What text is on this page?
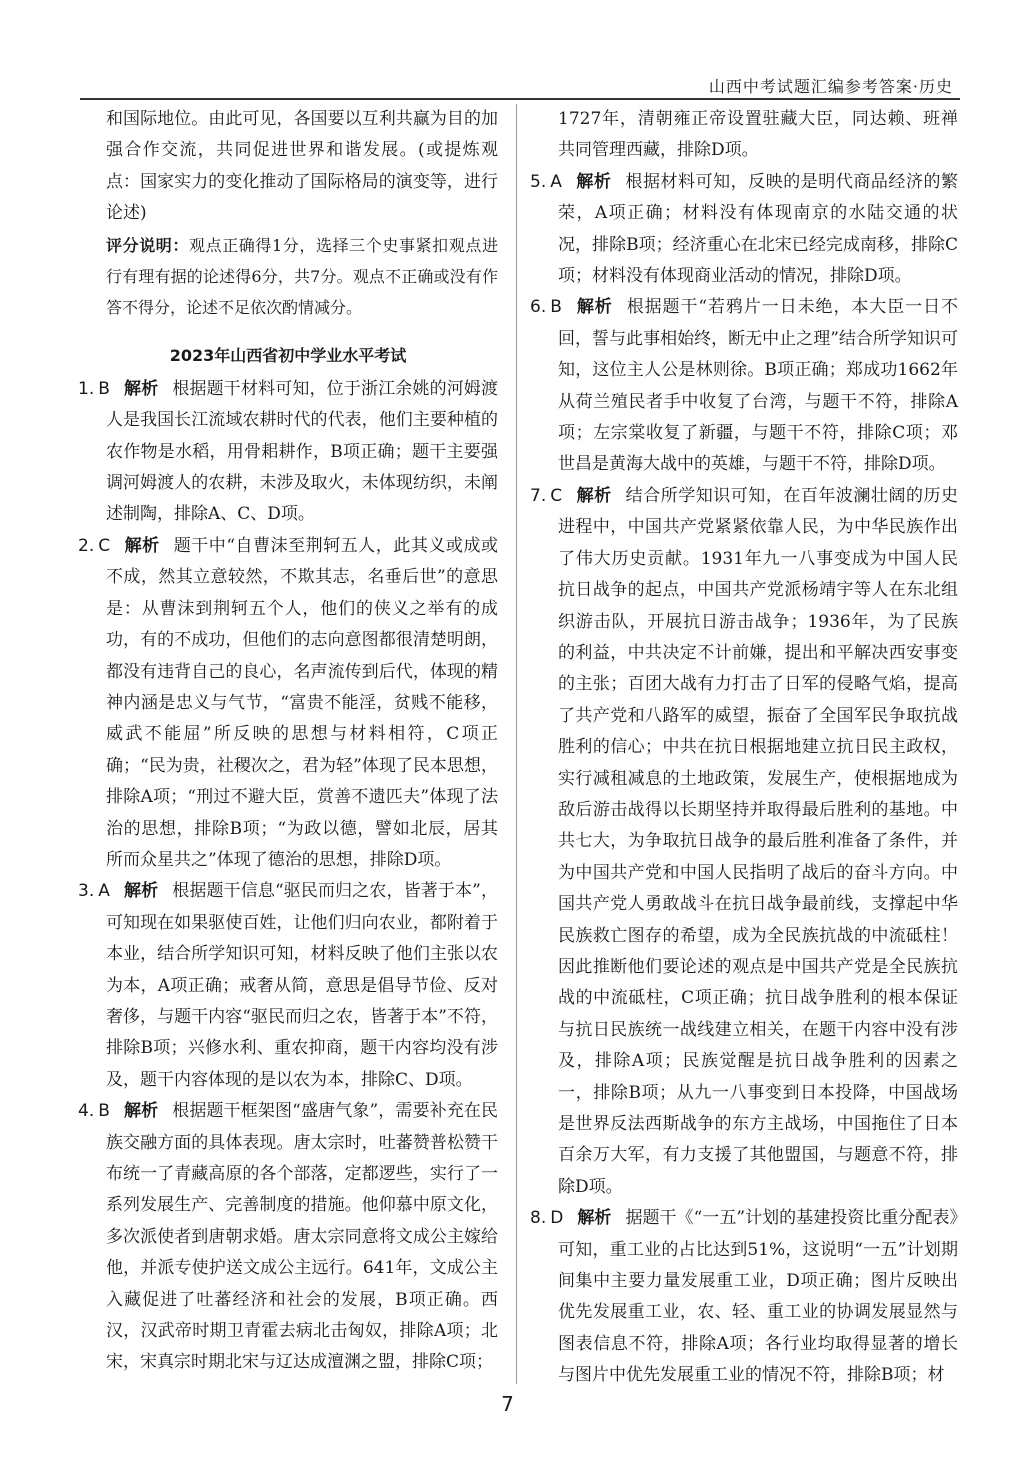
山西中考试题汇编参考答案·历史

和国际地位。由此可见，各国要以互利共赢为目的加强合作交流，共同促进世界和谐发展。(或提炼观点：国家实力的变化推动了国际格局的演变等，进行论述)

评分说明：观点正确得1分，选择三个史事紧扣观点进行有理有据的论述得6分，共7分。观点不正确或没有作答不得分，论述不足依次酌情减分。

2023年山西省初中学业水平考试

1. B 解析 根据题干材料可知，位于浙江余姚的河姆渡人是我国长江流域农耕时代的代表，他们主要种植的农作物是水稻，用骨耜耕作，B项正确；题干主要强调河姆渡人的农耕，未涉及取火，未体现纺织，未阐述制陶，排除A、C、D项。

2. C 解析 题干中“自曹沫至荆轲五人，此其义或成或不成，然其立意较然，不欺其志，名垂后世”的意思是：从曹沫到荆轲五个人，他们的侠义之举有的成功，有的不成功，但他们的志向意图都很清楚明朗，都没有违背自己的良心，名声流传到后代，体现的精神内涵是忠义与气节，“富贵不能淫，贫贱不能移，威武不能屈”所反映的思想与材料相符，C项正确；“民为贵，社稷次之，君为轻”体现了民本思想，排除A项；“刑过不避大臣，赏善不遗匹夫”体现了法治的思想，排除B项；“为政以德，譬如北辰，居其所而众星共之”体现了德治的思想，排除D项。

3. A 解析 根据题干信息“驱民而归之农，皆著于本”，可知现在如果驱使百姓，让他们归向农业，都附着于本业，结合所学知识可知，材料反映了他们主张以农为本，A项正确；戒奢从简，意思是倡导节俭、反对奢侈，与题干内容“驱民而归之农，皆著于本”不符，排除B项；兴修水利、重农抑商，题干内容均没有涉及，题干内容体现的是以农为本，排除C、D项。

4. B 解析 根据题干框架图“盛唐气象”，需要补充在民族交融方面的具体表现。唐太宗时，吐蕃赞普松赞干布统一了青藏高原的各个部落，定都逻些，实行了一系列发展生产、完善制度的措施。他仰慕中原文化，多次派使者到唐朝求婚。唐太宗同意将文成公主嫁给他，并派专使护送文成公主远行。641年，文成公主入藏促进了吐蕃经济和社会的发展，B项正确。西汉，汉武帝时期卫青霍去病北击匈奴，排除A项；北宋，宋真宗时期北宋与辽达成澶渊之盟，排除C项；

1727年，清朝雍正帝设置驻藏大臣，同达赖、班禅共同管理西藏，排除D项。

5. A 解析 根据材料可知，反映的是明代商品经济的繁荣，A项正确；材料没有体现南京的水陆交通的状况，排除B项；经济重心在北宋已经完成南移，排除C项；材料没有体现商业活动的情况，排除D项。

6. B 解析 根据题干“若鸦片一日未绝，本大臣一日不回，誓与此事相始终，断无中止之理”结合所学知识可知，这位主人公是林则徐。B项正确；郑成功1662年从荷兰殖民者手中收复了台湾，与题干不符，排除A项；左宗棠收复了新疆，与题干不符，排除C项；邓世昌是黄海大战中的英雄，与题干不符，排除D项。

7. C 解析 结合所学知识可知，在百年波澜壮阔的历史进程中，中国共产党紧紧依靠人民，为中华民族作出了伟大历史贡献。1931年九一八事变成为中国人民抗日战争的起点，中国共产党派杨靖宇等人在东北组织游击队，开展抗日游击战争；1936年，为了民族的利益，中共决定不计前嫌，提出和平解决西安事变的主张；百团大战有力打击了日军的侵略气焰，提高了共产党和八路军的威望，振奋了全国军民争取抗战胜利的信心；中共在抗日根据地建立抗日民主政权，实行减租减息的土地政策，发展生产，使根据地成为敌后游击战得以长期坚持并取得最后胜利的基地。中共七大，为争取抗日战争的最后胜利准备了条件，并为中国共产党和中国人民指明了战后的奋斗方向。中国共产党人勇敢战斗在抗日战争最前线，支撑起中华民族救亡图存的希望，成为全民族抗战的中流砥柱！因此推断他们要论述的观点是中国共产党是全民族抗战的中流砥柱，C项正确；抗日战争胜利的根本保证与抗日民族统一战线建立相关，在题干内容中没有涉及，排除A项；民族觉醒是抗日战争胜利的因素之一，排除B项；从九一八事变到日本投降，中国战场是世界反法西斯战争的东方主战场，中国拖住了日本百余万大军，有力支援了其他盟国，与题意不符，排除D项。

8. D 解析 据题干《“一五”计划的基建投资比重分配表》可知，重工业的占比达到51%，这说明“一五”计划期间集中主要力量发展重工业，D项正确；图片反映出优先发展重工业，农、轻、重工业的协调发展显然与图表信息不符，排除A项；各行业均取得显著的增长与图片中优先发展重工业的情况不符，排除B项；材

7
